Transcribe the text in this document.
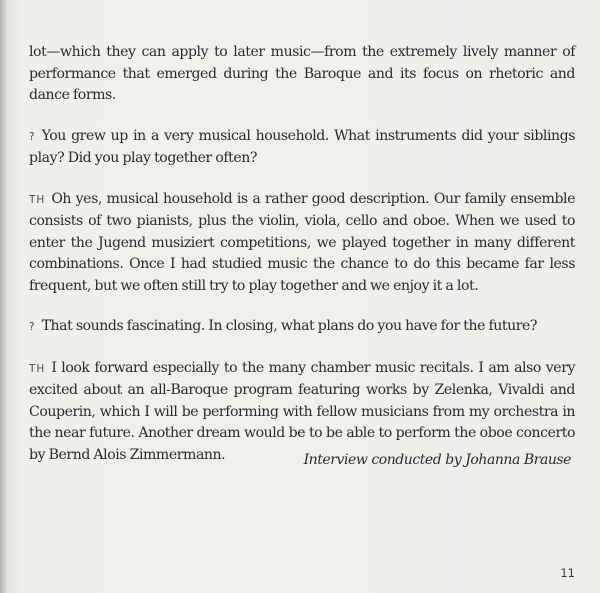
lot—which they can apply to later music—from the extremely lively manner of performance that emerged during the Baroque and its focus on rhetoric and dance forms.

? You grew up in a very musical household. What instruments did your siblings play? Did you play together often?

TH Oh yes, musical household is a rather good description. Our family ensemble consists of two pianists, plus the violin, viola, cello and oboe. When we used to enter the Jugend musiziert competitions, we played together in many different combinations. Once I had studied music the chance to do this became far less frequent, but we often still try to play together and we enjoy it a lot.

? That sounds fascinating. In closing, what plans do you have for the future?

TH I look forward especially to the many chamber music recitals. I am also very excited about an all-Baroque program featuring works by Zelenka, Vivaldi and Couperin, which I will be performing with fellow musicians from my orchestra in the near future. Another dream would be to be able to perform the oboe concerto by Bernd Alois Zimmermann.	Interview conducted by Johanna Brause
11
